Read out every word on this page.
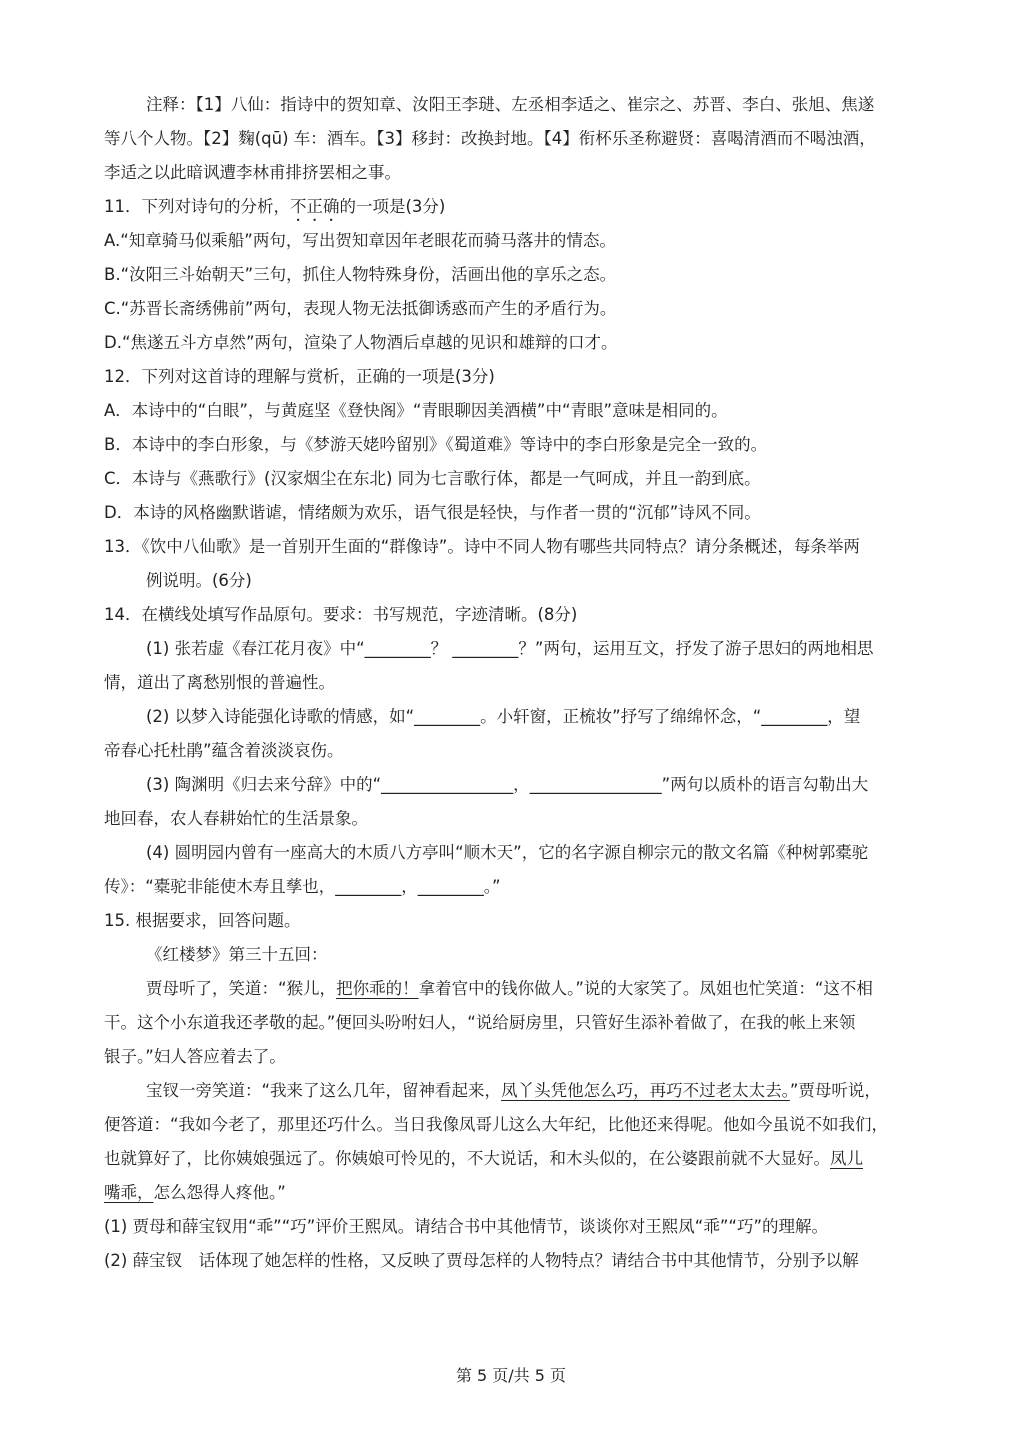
注释：【1】八仙：指诗中的贺知章、汝阳王李琎、左丞相李适之、崔宗之、苏晋、李白、张旭、焦遂
等八个人物。【2】麴(qū) 车：酒车。【3】移封：改换封地。【4】衔杯乐圣称避贤：喜喝清酒而不喝浊酒，
李适之以此暗讽遭李林甫排挤罢相之事。
11．下列对诗句的分析，不正确的一项是(3分)
A.“知章骑马似乘船”两句，写出贺知章因年老眼花而骑马落井的情态。
B.“汝阳三斗始朝天”三句，抓住人物特殊身份，活画出他的享乐之态。
C.“苏晋长斋绣佛前”两句，表现人物无法抵御诱惑而产生的矛盾行为。
D.“焦遂五斗方卓然”两句，渲染了人物酒后卓越的见识和雄辩的口才。
12．下列对这首诗的理解与赏析，正确的一项是(3分)
A．本诗中的“白眼”，与黄庭坚《登快阁》“青眼聊因美酒横”中“青眼”意味是相同的。
B．本诗中的李白形象，与《梦游天姥吟留别》《蜀道难》等诗中的李白形象是完全一致的。
C．本诗与《燕歌行》(汉家烟尘在东北) 同为七言歌行体，都是一气呵成，并且一韵到底。
D．本诗的风格幽默谐谑，情绪颇为欢乐，语气很是轻快，与作者一贯的“沉郁”诗风不同。
13．《饮中八仙歌》是一首别开生面的“群像诗”。诗中不同人物有哪些共同特点？请分条概述，每条举两
例说明。(6分)
14．在横线处填写作品原句。要求：书写规范，字迹清晰。(8分)
(1) 张若虚《春江花月夜》中“________？ ________？”两句，运用互文，抒发了游子思妇的两地相思
情，道出了离愁别恨的普遍性。
(2) 以梦入诗能强化诗歌的情感，如“________。小轩窗，正梳妆”抒写了绵绵怀念，“________，望
帝春心托杜鹃”蕴含着淡淡哀伤。
(3) 陶渊明《归去来兮辞》中的“________________，________________”两句以质朴的语言勾勒出大
地回春，农人春耕始忙的生活景象。
(4) 圆明园内曾有一座高大的木质八方亭叫“顺木天”，它的名字源自柳宗元的散文名篇《种树郭橐驼
传》：“橐驼非能使木寿且孳也，________，________。”
15. 根据要求，回答问题。
《红楼梦》第三十五回：
贾母听了，笑道：“猴儿，把你乖的！拿着官中的钱你做人。”说的大家笑了。凤姐也忙笑道：“这不相
干。这个小东道我还孝敬的起。”便回头吩咐妇人，“说给厨房里，只管好生添补着做了，在我的帐上来领
银子。”妇人答应着去了。
宝钗一旁笑道：“我来了这么几年，留神看起来，凤丫头凭他怎么巧，再巧不过老太太去。”贾母听说，
便答道：“我如今老了，那里还巧什么。当日我像凤哥儿这么大年纪，比他还来得呢。他如今虽说不如我们，
也就算好了，比你姨娘强远了。你姨娘可怜见的，不大说话，和木头似的，在公婆跟前就不大显好。凤儿
嘴乖，怎么怨得人疼他。”
(1) 贾母和薛宝钗用“乖”“巧”评价王熙凤。请结合书中其他情节，谈谈你对王熙凤“乖”“巧”的理解。
(2) 薛宝钗　话体现了她怎样的性格，又反映了贾母怎样的人物特点？请结合书中其他情节，分别予以解
第 5 页/共 5 页
